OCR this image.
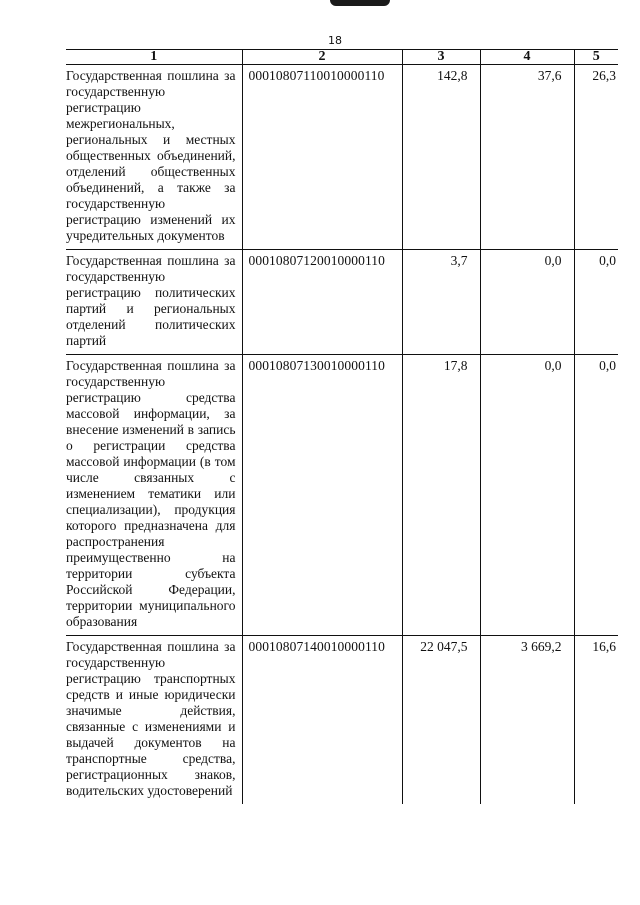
18
1	2	3	4	5
Государственная пошлина за государственную регистрацию межрегиональных, региональных и местных общественных объединений, отделений общественных объединений, а также за государственную регистрацию изменений их учредительных документов	00010807110010000110	142,8	37,6	26,3
Государственная пошлина за государственную регистрацию политических партий и региональных отделений политических партий	00010807120010000110	3,7	0,0	0,0
Государственная пошлина за государственную регистрацию средства массовой информации, за внесение изменений в запись о регистрации средства массовой информации (в том числе связанных с изменением тематики или специализации), продукция которого предназначена для распространения преимущественно на территории субъекта Российской Федерации, территории муниципального образования	00010807130010000110	17,8	0,0	0,0
Государственная пошлина за государственную регистрацию транспортных средств и иные юридически значимые действия, связанные с изменениями и выдачей документов на транспортные средства, регистрационных знаков, водительских удостоверений	00010807140010000110	22 047,5	3 669,2	16,6
